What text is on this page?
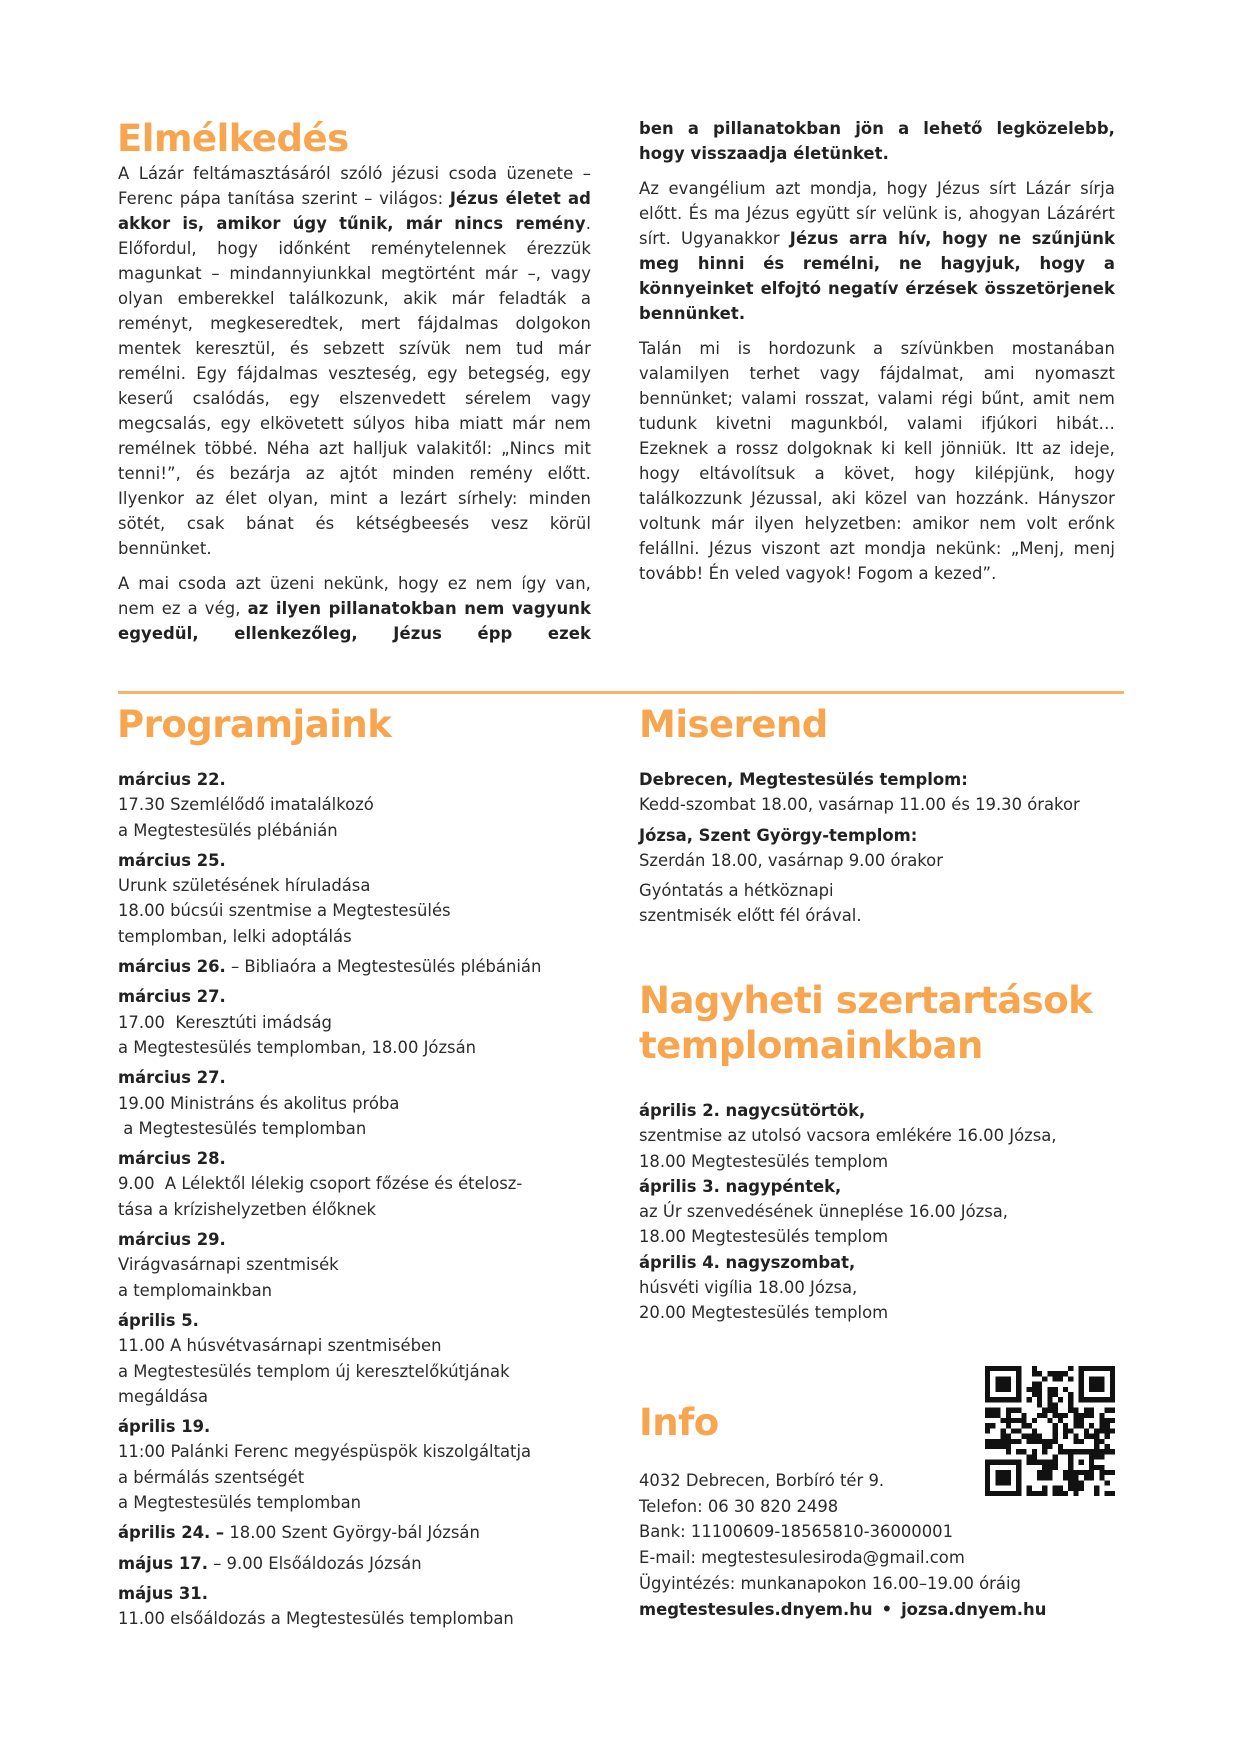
Elmélkedés

A Lázár feltámasztásáról szóló jézusi csoda üzenete – Ferenc pápa tanítása szerint – világos: Jézus életet ad akkor is, amikor úgy tűnik, már nincs remény. Előfordul, hogy időnként reménytelennek érezzük magunkat – mindannyiunkkal megtörtént már –, vagy olyan emberekkel találkozunk, akik már feladták a reményt, megkeseredtek, mert fájdalmas dolgokon mentek keresztül, és sebzett szívük nem tud már remélni. Egy fájdalmas veszteség, egy betegség, egy keserű csalódás, egy elszenvedett sérelem vagy megcsalás, egy elkövetett súlyos hiba miatt már nem remélnek többé. Néha azt halljuk valakitől: „Nincs mit tenni!”, és bezárja az ajtót minden remény előtt. Ilyenkor az élet olyan, mint a lezárt sírhely: minden sötét, csak bánat és kétségbeesés vesz körül bennünket.

A mai csoda azt üzeni nekünk, hogy ez nem így van, nem ez a vég, az ilyen pillanatokban nem vagyunk egyedül, ellenkezőleg, Jézus épp ezek

ben a pillanatokban jön a lehető legközelebb, hogy visszaadja életünket.

Az evangélium azt mondja, hogy Jézus sírt Lázár sírja előtt. És ma Jézus együtt sír velünk is, ahogyan Lázárért sírt. Ugyanakkor Jézus arra hív, hogy ne szűnjünk meg hinni és remélni, ne hagyjuk, hogy a könnyeinket elfojtó negatív érzések összetörjenek bennünket.

Talán mi is hordozunk a szívünkben mostanában valamilyen terhet vagy fájdalmat, ami nyomaszt bennünket; valami rosszat, valami régi bűnt, amit nem tudunk kivetni magunkból, valami ifjúkori hibát… Ezeknek a rossz dolgoknak ki kell jönniük. Itt az ideje, hogy eltávolítsuk a követ, hogy kilépjünk, hogy találkozzunk Jézussal, aki közel van hozzánk. Hányszor voltunk már ilyen helyzetben: amikor nem volt erőnk felállni. Jézus viszont azt mondja nekünk: „Menj, menj tovább! Én veled vagyok! Fogom a kezed”.

Programjaink
március 22.
17.30 Szemlélődő imatalálkozó
a Megtestesülés plébánián
március 25.
Urunk születésének híruladása
18.00 búcsúi szentmise a Megtestesülés
templomban, lelki adoptálás
március 26. – Bibliaóra a Megtestesülés plébánián
március 27.
17.00  Keresztúti imádság
a Megtestesülés templomban, 18.00 Józsán
március 27.
19.00 Ministráns és akolitus próba
a Megtestesülés templomban
március 28.
9.00  A Lélektől lélekig csoport főzése és ételosz-
tása a krízishelyzetben élőknek
március 29.
Virágvasárnapi szentmisék
a templomainkban
április 5.
11.00 A húsvétvasárnapi szentmisében
a Megtestesülés templom új keresztelőkútjának
megáldása
április 19.
11:00 Palánki Ferenc megyéspüspök kiszolgáltatja
a bérmálás szentségét
a Megtestesülés templomban
április 24. – 18.00 Szent György-bál Józsán
május 17. – 9.00 Elsőáldozás Józsán
május 31.
11.00 elsőáldozás a Megtestesülés templomban
Miserend
Debrecen, Megtestesülés templom:
Kedd-szombat 18.00, vasárnap 11.00 és 19.30 órakor
Józsa, Szent György-templom:
Szerdán 18.00, vasárnap 9.00 órakor
Gyóntatás a hétköznapi
szentmisék előtt fél órával.
Nagyheti szertartások
templomainkban
április 2. nagycsütörtök,
szentmise az utolsó vacsora emlékére 16.00 Józsa,
18.00 Megtestesülés templom
április 3. nagypéntek,
az Úr szenvedésének ünneplése 16.00 Józsa,
18.00 Megtestesülés templom
április 4. nagyszombat,
húsvéti vigília 18.00 Józsa,
20.00 Megtestesülés templom
Info
4032 Debrecen, Borbíró tér 9.
Telefon: 06 30 820 2498
Bank: 11100609-18565810-36000001
E-mail: megtestesulesiroda@gmail.com
Ügyintézés: munkanapokon 16.00–19.00 óráig
megtestesules.dnyem.hu • jozsa.dnyem.hu
